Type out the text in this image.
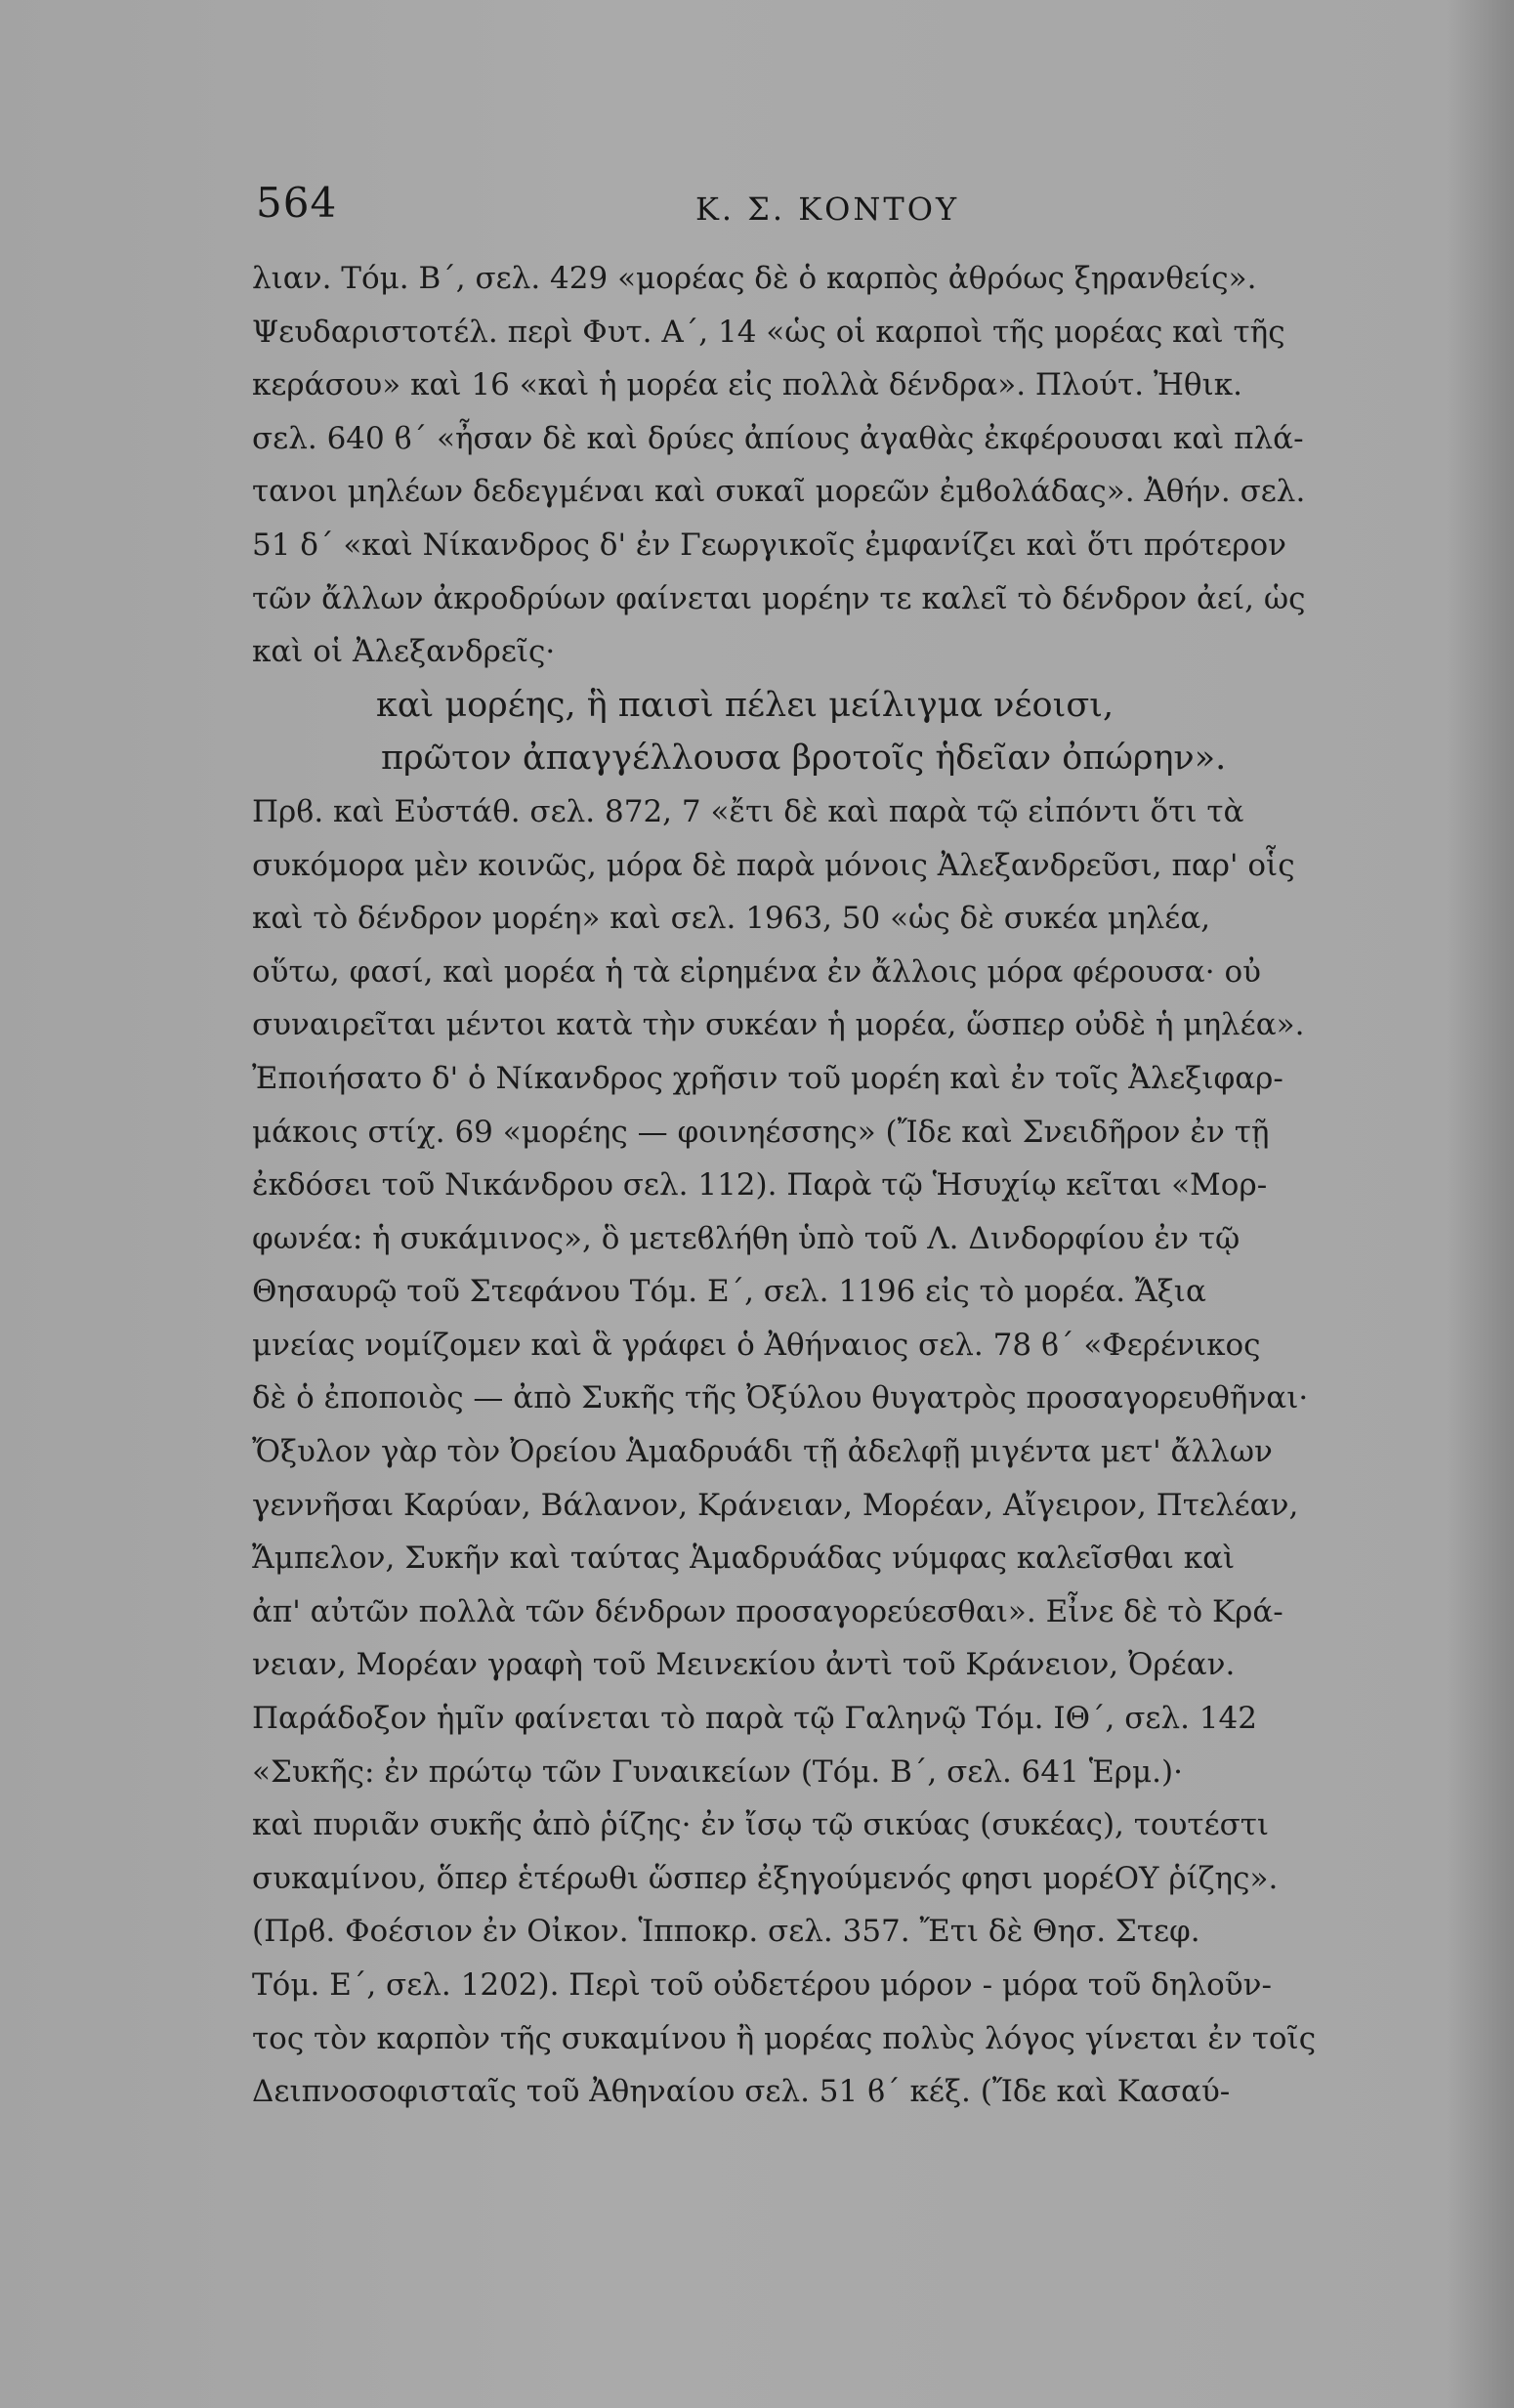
564	Κ. Σ. ΚΟΝΤΟΥ
λιαν. Τόμ. Β΄, σελ. 429 «μορέας δὲ ὁ καρπὸς ἀθρόως ξηρανθείς».
Ψευδαριστοτέλ. περὶ Φυτ. Α΄, 14 «ὡς οἱ καρποὶ τῆς μορέας καὶ τῆς
κεράσου» καὶ 16 «καὶ ἡ μορέα εἰς πολλὰ δένδρα». Πλούτ. Ἠθικ.
σελ. 640 ϐ΄ «ἦσαν δὲ καὶ δρύες ἀπίους ἀγαθὰς ἐκφέρουσαι καὶ πλά-
τανοι μηλέων δεδεγμέναι καὶ συκαῖ μορεῶν ἐμϐολάδας». Ἀθήν. σελ.
51 δ΄ «καὶ Νίκανδρος δ' ἐν Γεωργικοῖς ἐμφανίζει καὶ ὅτι πρότερον
τῶν ἄλλων ἀκροδρύων φαίνεται μορέην τε καλεῖ τὸ δένδρον ἀεί, ὡς
καὶ οἱ Ἀλεξανδρεῖς·
καὶ μορέης, ἣ παισὶ πέλει μείλιγμα νέοισι,
πρῶτον ἀπαγγέλλουσα βροτοῖς ἡδεῖαν ὀπώρην».
Πρϐ. καὶ Εὐστάθ. σελ. 872, 7 «ἔτι δὲ καὶ παρὰ τῷ εἰπόντι ὅτι τὰ
συκόμορα μὲν κοινῶς, μόρα δὲ παρὰ μόνοις Ἀλεξανδρεῦσι, παρ' οἷς
καὶ τὸ δένδρον μορέη» καὶ σελ. 1963, 50 «ὡς δὲ συκέα μηλέα,
οὕτω, φασί, καὶ μορέα ἡ τὰ εἰρημένα ἐν ἄλλοις μόρα φέρουσα· οὐ
συναιρεῖται μέντοι κατὰ τὴν συκέαν ἡ μορέα, ὥσπερ οὐδὲ ἡ μηλέα».
Ἐποιήσατο δ' ὁ Νίκανδρος χρῆσιν τοῦ μορέη καὶ ἐν τοῖς Ἀλεξιφαρ-
μάκοις στίχ. 69 «μορέης — φοινηέσσης» (Ἴδε καὶ Σνειδῆρον ἐν τῇ
ἐκδόσει τοῦ Νικάνδρου σελ. 112). Παρὰ τῷ Ἡσυχίῳ κεῖται «Μορ-
φωνέα: ἡ συκάμινος», ὃ μετεϐλήθη ὑπὸ τοῦ Λ. Δινδορφίου ἐν τῷ
Θησαυρῷ τοῦ Στεφάνου Τόμ. Ε΄, σελ. 1196 εἰς τὸ μορέα. Ἄξια
μνείας νομίζομεν καὶ ἃ γράφει ὁ Ἀθήναιος σελ. 78 ϐ΄ «Φερένικος
δὲ ὁ ἐποποιὸς — ἀπὸ Συκῆς τῆς Ὀξύλου θυγατρὸς προσαγορευθῆναι·
Ὄξυλον γὰρ τὸν Ὀρείου Ἁμαδρυάδι τῇ ἀδελφῇ μιγέντα μετ' ἄλλων
γεννῆσαι Καρύαν, Βάλανον, Κράνειαν, Μορέαν, Αἴγειρον, Πτελέαν,
Ἄμπελον, Συκῆν καὶ ταύτας Ἁμαδρυάδας νύμφας καλεῖσθαι καὶ
ἀπ' αὐτῶν πολλὰ τῶν δένδρων προσαγορεύεσθαι». Εἶνε δὲ τὸ Κρά-
νειαν, Μορέαν γραφὴ τοῦ Μεινεκίου ἀντὶ τοῦ Κράνειον, Ὀρέαν.
Παράδοξον ἡμῖν φαίνεται τὸ παρὰ τῷ Γαληνῷ Τόμ. ΙΘ΄, σελ. 142
«Συκῆς: ἐν πρώτῳ τῶν Γυναικείων (Τόμ. Β΄, σελ. 641 Ἑρμ.)·
καὶ πυριᾶν συκῆς ἀπὸ ῥίζης· ἐν ἴσῳ τῷ σικύας (συκέας), τουτέστι
συκαμίνου, ὅπερ ἑτέρωθι ὥσπερ ἐξηγούμενός φησι μορέΟΥ ῥίζης».
(Πρϐ. Φοέσιον ἐν Οἰκον. Ἱπποκρ. σελ. 357. Ἔτι δὲ Θησ. Στεφ.
Τόμ. Ε΄, σελ. 1202). Περὶ τοῦ οὐδετέρου μόρον - μόρα τοῦ δηλοῦν-
τος τὸν καρπὸν τῆς συκαμίνου ἢ μορέας πολὺς λόγος γίνεται ἐν τοῖς
Δειπνοσοφισταῖς τοῦ Ἀθηναίου σελ. 51 ϐ΄ κέξ. (Ἴδε καὶ Κασαύ-
